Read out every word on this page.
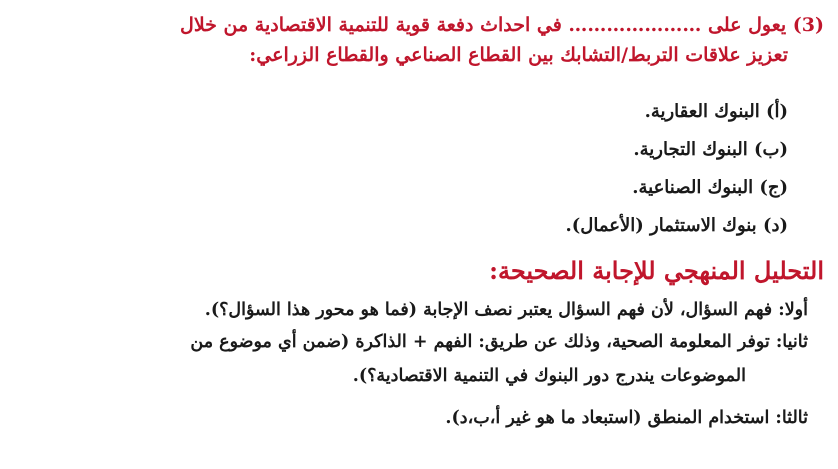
(3) يعول على ………………… في احداث دفعة قوية للتنمية الاقتصادية من خلال
تعزيز علاقات التربط/التشابك بين القطاع الصناعي والقطاع الزراعي:
(أ) البنوك العقارية.
(ب) البنوك التجارية.
(ج) البنوك الصناعية.
(د) بنوك الاستثمار (الأعمال).
التحليل المنهجي للإجابة الصحيحة:
أولا: فهم السؤال، لأن فهم السؤال يعتبر نصف الإجابة (فما هو محور هذا السؤال؟).
ثانيا: توفر المعلومة الصحية، وذلك عن طريق: الفهم + الذاكرة (ضمن أي موضوع من
الموضوعات يندرج دور البنوك في التنمية الاقتصادية؟).
ثالثا: استخدام المنطق (استبعاد ما هو غير أ،ب،د).
